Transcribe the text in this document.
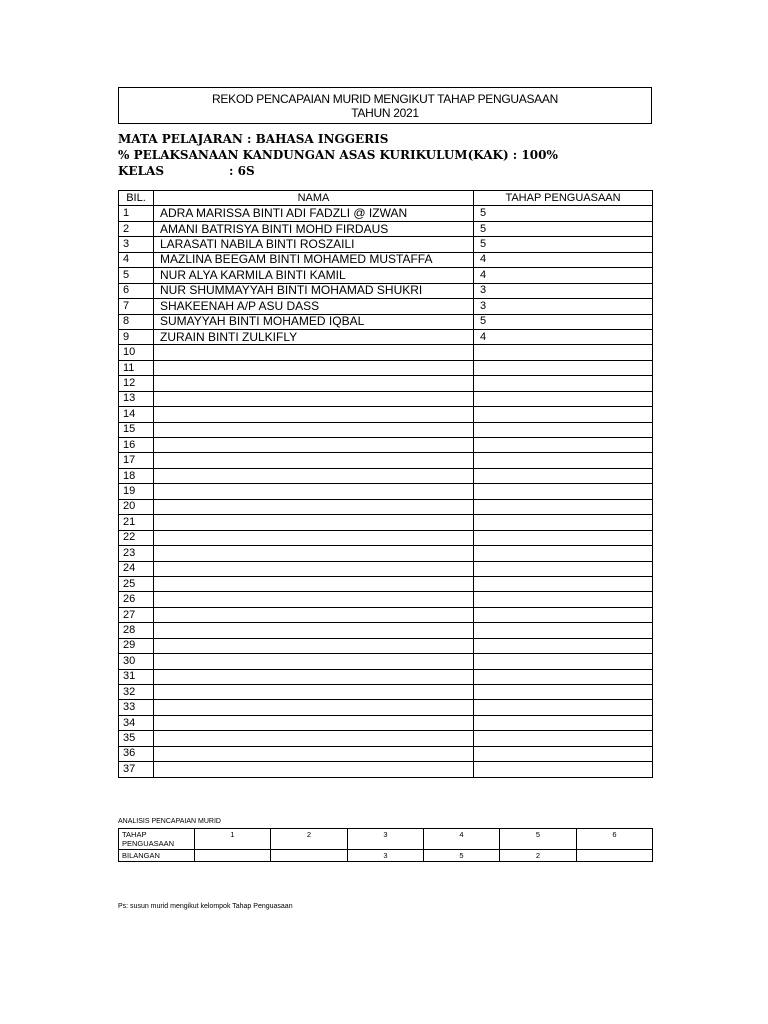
REKOD PENCAPAIAN MURID MENGIKUT TAHAP PENGUASAAN
TAHUN 2021
MATA PELAJARAN : BAHASA INGGERIS
% PELAKSANAAN KANDUNGAN ASAS KURIKULUM(KAK) : 100%
KELAS	: 6S
BIL.	NAMA	TAHAP PENGUASAAN
1	ADRA MARISSA BINTI ADI FADZLI @ IZWAN	5
2	AMANI BATRISYA BINTI MOHD FIRDAUS	5
3	LARASATI NABILA BINTI ROSZAILI	5
4	MAZLINA BEEGAM BINTI MOHAMED MUSTAFFA	4
5	NUR ALYA KARMILA BINTI KAMIL	4
6	NUR SHUMMAYYAH BINTI MOHAMAD SHUKRI	3
7	SHAKEENAH A/P ASU DASS	3
8	SUMAYYAH BINTI MOHAMED IQBAL	5
9	ZURAIN BINTI ZULKIFLY	4
10		
11		
12		
13		
14		
15		
16		
17		
18		
19		
20		
21		
22		
23		
24		
25		
26		
27		
28		
29		
30		
31		
32		
33		
34		
35		
36		
37		
ANALISIS PENCAPAIAN MURID
TAHAP PENGUASAAN	1	2	3	4	5	6
BILANGAN			3	5	2	
Ps: susun murid mengikut kelompok Tahap Penguasaan
